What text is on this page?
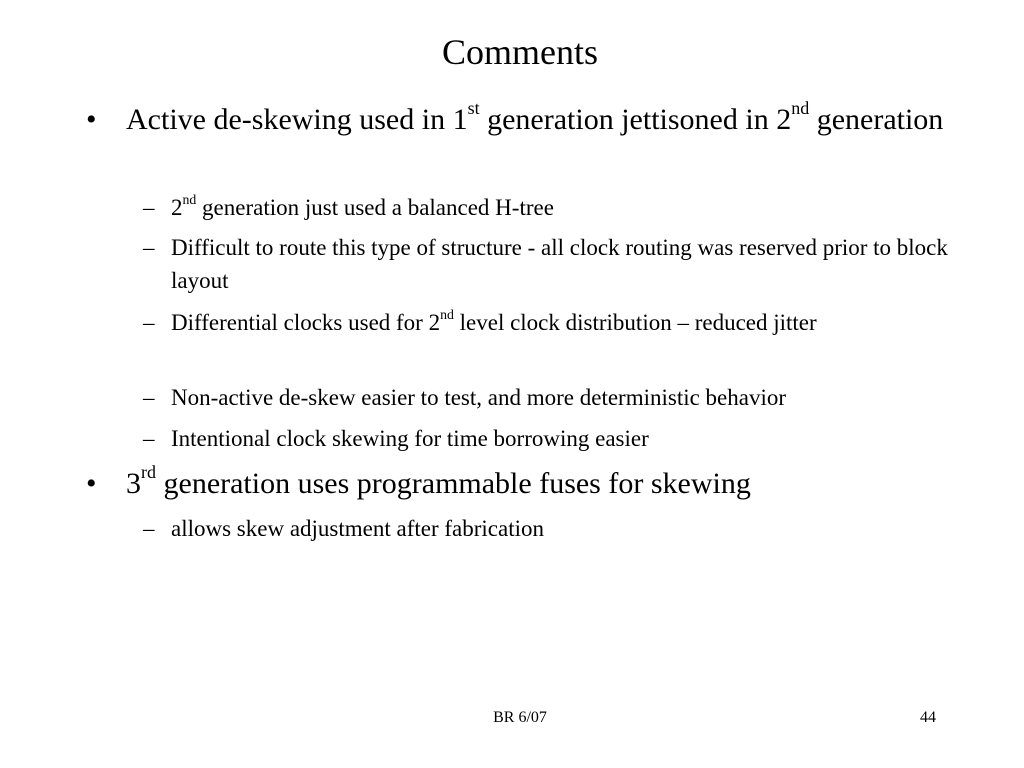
Comments
• Active de-skewing used in 1st generation jettisoned in 2nd generation
– 2nd generation just used a balanced H-tree
– Difficult to route this type of structure - all clock routing was reserved prior to block layout
– Differential clocks used for 2nd level clock distribution – reduced jitter
– Non-active de-skew easier to test, and more deterministic behavior
– Intentional clock skewing for time borrowing easier
• 3rd generation uses programmable fuses for skewing
– allows skew adjustment after fabrication
BR 6/07	44
